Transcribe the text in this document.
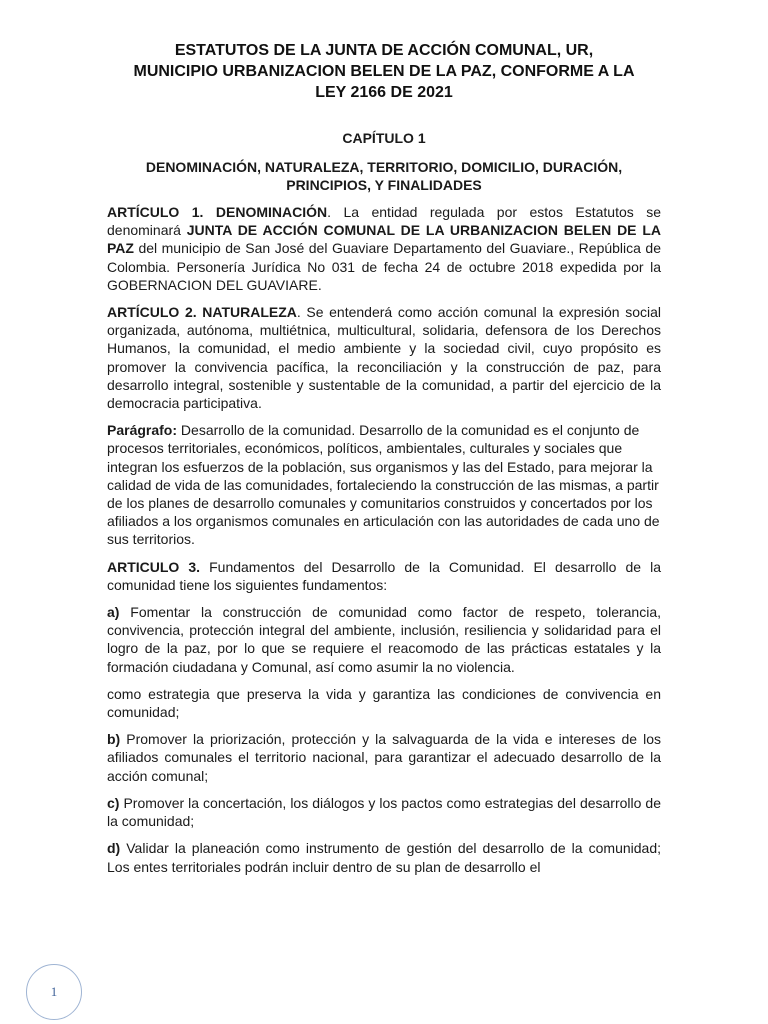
ESTATUTOS DE LA JUNTA DE ACCIÓN COMUNAL, UR,
MUNICIPIO URBANIZACION BELEN DE LA PAZ, CONFORME A LA
LEY 2166 DE 2021
CAPÍTULO 1
DENOMINACIÓN, NATURALEZA, TERRITORIO, DOMICILIO, DURACIÓN,
PRINCIPIOS, Y FINALIDADES

ARTÍCULO 1. DENOMINACIÓN. La entidad regulada por estos Estatutos se denominará JUNTA DE ACCIÓN COMUNAL DE LA URBANIZACION BELEN DE LA PAZ del municipio de San José del Guaviare Departamento del Guaviare., República de Colombia. Personería Jurídica No 031 de fecha 24 de octubre 2018 expedida por la GOBERNACION DEL GUAVIARE.

ARTÍCULO 2. NATURALEZA. Se entenderá como acción comunal la expresión social organizada, autónoma, multiétnica, multicultural, solidaria, defensora de los Derechos Humanos, la comunidad, el medio ambiente y la sociedad civil, cuyo propósito es promover la convivencia pacífica, la reconciliación y la construcción de paz, para desarrollo integral, sostenible y sustentable de la comunidad, a partir del ejercicio de la democracia participativa.

Parágrafo: Desarrollo de la comunidad. Desarrollo de la comunidad es el conjunto de procesos territoriales, económicos, políticos, ambientales, culturales y sociales que integran los esfuerzos de la población, sus organismos y las del Estado, para mejorar la calidad de vida de las comunidades, fortaleciendo la construcción de las mismas, a partir de los planes de desarrollo comunales y comunitarios construidos y concertados por los afiliados a los organismos comunales en articulación con las autoridades de cada uno de sus territorios.

ARTICULO 3. Fundamentos del Desarrollo de la Comunidad. El desarrollo de la comunidad tiene los siguientes fundamentos:

a) Fomentar la construcción de comunidad como factor de respeto, tolerancia, convivencia, protección integral del ambiente, inclusión, resiliencia y solidaridad para el logro de la paz, por lo que se requiere el reacomodo de las prácticas estatales y la formación ciudadana y Comunal, así como asumir la no violencia.

como estrategia que preserva la vida y garantiza las condiciones de convivencia en comunidad;

b) Promover la priorización, protección y la salvaguarda de la vida e intereses de los afiliados comunales el territorio nacional, para garantizar el adecuado desarrollo de la acción comunal;

c) Promover la concertación, los diálogos y los pactos como estrategias del desarrollo de la comunidad;

d) Validar la planeación como instrumento de gestión del desarrollo de la comunidad; Los entes territoriales podrán incluir dentro de su plan de desarrollo el

1
